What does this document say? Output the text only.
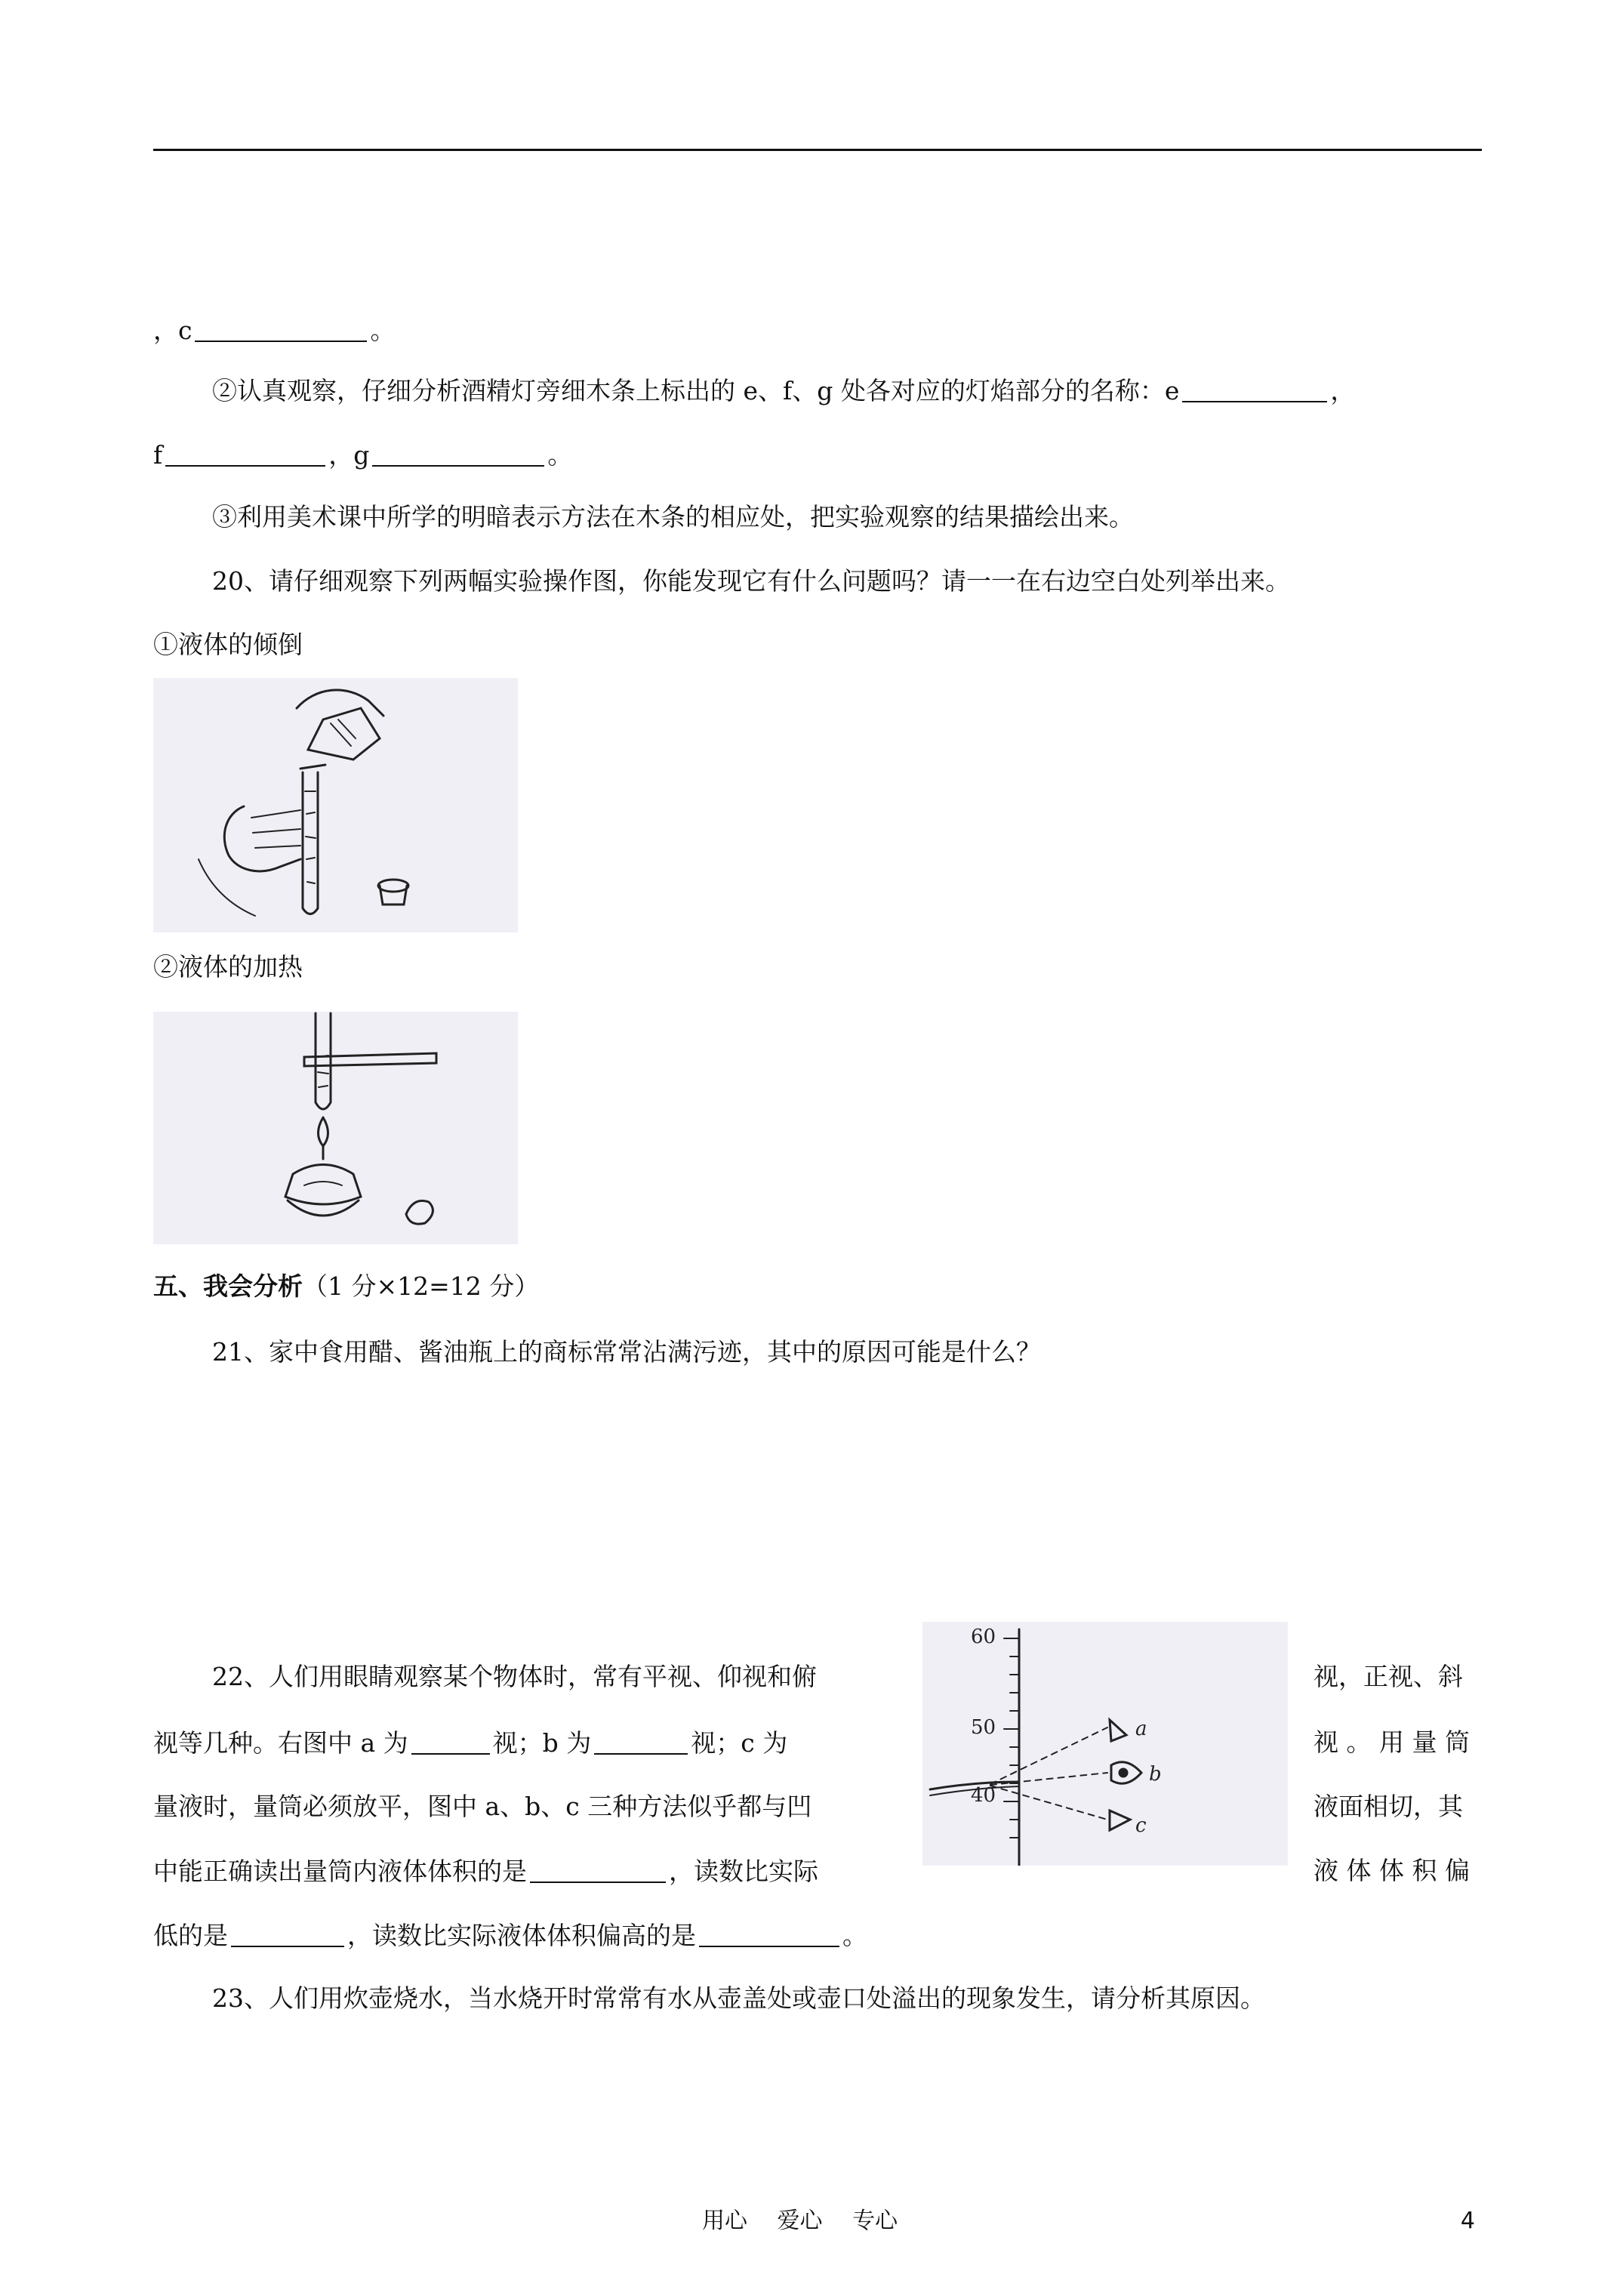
，c	。
②认真观察，仔细分析酒精灯旁细木条上标出的 e、f、g 处各对应的灯焰部分的名称：e	，
f	，g	。
③利用美术课中所学的明暗表示方法在木条的相应处，把实验观察的结果描绘出来。
20、请仔细观察下列两幅实验操作图，你能发现它有什么问题吗？请一一在右边空白处列举出来。
①液体的倾倒
②液体的加热
五、我会分析（1 分×12=12 分）
21、家中食用醋、酱油瓶上的商标常常沾满污迹，其中的原因可能是什么？
22、人们用眼睛观察某个物体时，常有平视、仰视和俯	视，正视、斜
视等几种。右图中 a 为	视；b 为	视；c 为	视 。 用 量 筒
量液时，量筒必须放平，图中 a、b、c 三种方法似乎都与凹	液面相切，其
中能正确读出量筒内液体体积的是	，读数比实际	液 体 体 积 偏
低的是	，读数比实际液体体积偏高的是	。
60
50
40
a
b
c
23、人们用炊壶烧水，当水烧开时常常有水从壶盖处或壶口处溢出的现象发生，请分析其原因。
用心　 爱心　 专心	4
